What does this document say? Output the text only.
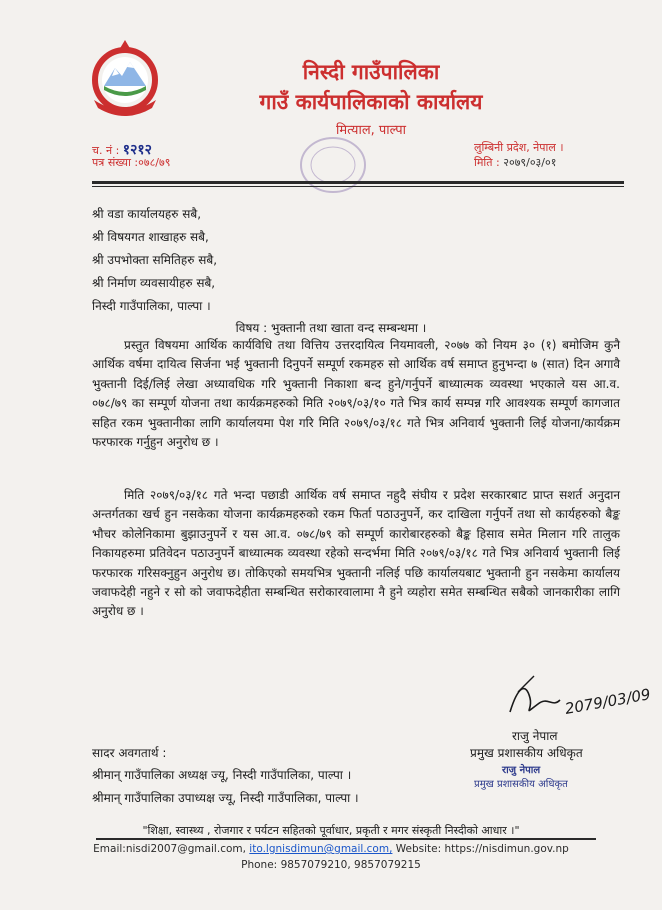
निस्दी गाउँपालिका
गाउँ कार्यपालिकाको कार्यालय
मित्याल, पाल्पा
च. नं : १२१२
पत्र संख्या :०७८/७९
लुम्बिनी प्रदेश, नेपाल ।
मिति : २०७९/०३/०१
श्री वडा कार्यालयहरु सबै,
श्री विषयगत शाखाहरु सबै,
श्री उपभोक्ता समितिहरु सबै,
श्री निर्माण व्यवसायीहरु सबै,
निस्दी गाउँपालिका, पाल्पा ।
विषय : भुक्तानी तथा खाता वन्द सम्बन्धमा ।
प्रस्तुत विषयमा आर्थिक कार्यविधि तथा वित्तिय उत्तरदायित्व नियमावली, २०७७ को नियम ३० (१) बमोजिम कुनै आर्थिक वर्षमा दायित्व सिर्जना भई भुक्तानी दिनुपर्ने सम्पूर्ण रकमहरु सो आर्थिक वर्ष समाप्त हुनुभन्दा ७ (सात) दिन अगावै भुक्तानी दिई/लिई लेखा अध्यावधिक गरि भुक्तानी निकाशा बन्द हुने/गर्नुपर्ने बाध्यात्मक व्यवस्था भएकाले यस आ.व. ०७८/७९ का सम्पूर्ण योजना तथा कार्यक्रमहरुको मिति २०७९/०३/१० गते भित्र कार्य सम्पन्न गरि आवश्यक सम्पूर्ण कागजात सहित रकम भुक्तानीका लागि कार्यालयमा पेश गरि मिति २०७९/०३/१८ गते भित्र अनिवार्य भुक्तानी लिई योजना/कार्यक्रम फरफारक गर्नुहुन अनुरोध छ ।
मिति २०७९/०३/१८ गते भन्दा पछाडी आर्थिक वर्ष समाप्त नहुदै संघीय र प्रदेश सरकारबाट प्राप्त सशर्त अनुदान अन्तर्गतका खर्च हुन नसकेका योजना कार्यक्रमहरुको रकम फिर्ता पठाउनुपर्ने, कर दाखिला गर्नुपर्ने तथा सो कार्यहरुको बैङ्क भौचर कोलेनिकामा बुझाउनुपर्ने र यस आ.व. ०७८/७९ को सम्पूर्ण कारोबारहरुको बैङ्क हिसाव समेत मिलान गरि तालुक निकायहरुमा प्रतिवेदन पठाउनुपर्ने बाध्यात्मक व्यवस्था रहेको सन्दर्भमा मिति २०७९/०३/१८ गते भित्र अनिवार्य भुक्तानी लिई फरफारक गरिसक्नुहुन अनुरोध छ। तोकिएको समयभित्र भुक्तानी नलिई पछि कार्यालयबाट भुक्तानी हुन नसकेमा कार्यालय जवाफदेही नहुने र सो को जवाफदेहीता सम्बन्धित सरोकारवालामा नै हुने व्यहोरा समेत सम्बन्धित सबैको जानकारीका लागि अनुरोध छ ।
2079/03/09
राजु नेपाल
प्रमुख प्रशासकीय अधिकृत
राजु नेपाल
प्रमुख प्रशासकीय अधिकृत
सादर अवगतार्थ :
श्रीमान् गाउँपालिका अध्यक्ष ज्यू, निस्दी गाउँपालिका, पाल्पा ।
श्रीमान् गाउँपालिका उपाध्यक्ष ज्यू, निस्दी गाउँपालिका, पाल्पा ।
"शिक्षा, स्वास्थ्य , रोजगार र पर्यटन सहितको पूर्वाधार, प्रकृती र मगर संस्कृती निस्दीको आधार ।"
Email:nisdi2007@gmail.com, ito.lgnisdimun@gmail.com, Website: https://nisdimun.gov.np
Phone: 9857079210, 9857079215
